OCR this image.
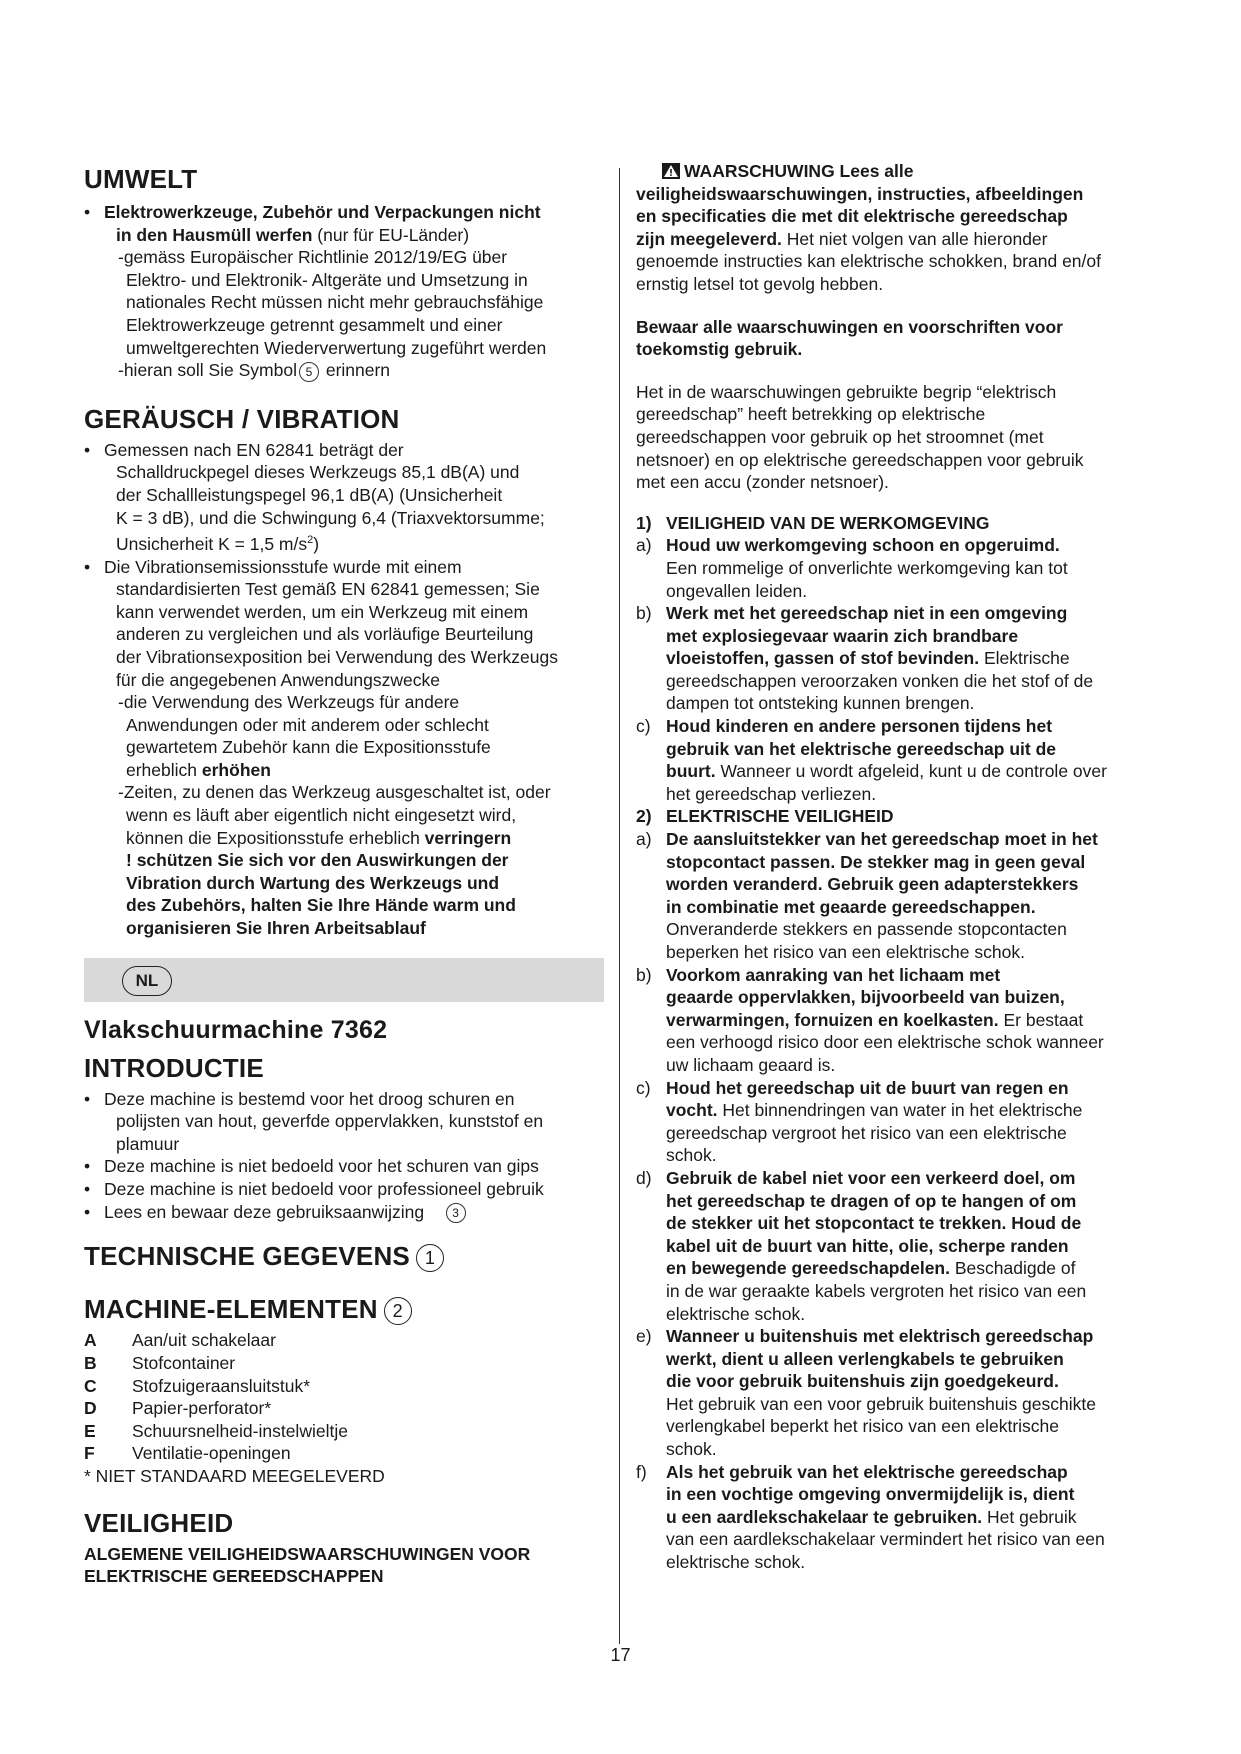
UMWELT
• Elektrowerkzeuge, Zubehör und Verpackungen nicht
in den Hausmüll werfen (nur für EU-Länder)
-gemäss Europäischer Richtlinie 2012/19/EG über
Elektro- und Elektronik- Altgeräte und Umsetzung in
nationales Recht müssen nicht mehr gebrauchsfähige
Elektrowerkzeuge getrennt gesammelt und einer
umweltgerechten Wiederverwertung zugeführt werden
-hieran soll Sie Symbol 5 erinnern
GERÄUSCH / VIBRATION
• Gemessen nach EN 62841 beträgt der
Schalldruckpegel dieses Werkzeugs 85,1 dB(A) und
der Schallleistungspegel 96,1 dB(A) (Unsicherheit
K = 3 dB), und die Schwingung 6,4 (Triaxvektorsumme;
Unsicherheit K = 1,5 $m/s^2$)
• Die Vibrationsemissionsstufe wurde mit einem
standardisierten Test gemäß EN 62841 gemessen; Sie
kann verwendet werden, um ein Werkzeug mit einem
anderen zu vergleichen und als vorläufige Beurteilung
der Vibrationsexposition bei Verwendung des Werkzeugs
für die angegebenen Anwendungszwecke
-die Verwendung des Werkzeugs für andere
Anwendungen oder mit anderem oder schlecht
gewartetem Zubehör kann die Expositionsstufe
erheblich erhöhen
-Zeiten, zu denen das Werkzeug ausgeschaltet ist, oder
wenn es läuft aber eigentlich nicht eingesetzt wird,
können die Expositionsstufe erheblich verringern
! schützen Sie sich vor den Auswirkungen der
Vibration durch Wartung des Werkzeugs und
des Zubehörs, halten Sie Ihre Hände warm und
organisieren Sie Ihren Arbeitsablauf
NL
Vlakschuurmachine 7362
INTRODUCTIE
• Deze machine is bestemd voor het droog schuren en
polijsten van hout, geverfde oppervlakken, kunststof en
plamuur
• Deze machine is niet bedoeld voor het schuren van gips
• Deze machine is niet bedoeld voor professioneel gebruik
• Lees en bewaar deze gebruiksaanwijzing 3
TECHNISCHE GEGEVENS 1
MACHINE-ELEMENTEN 2
A	Aan/uit schakelaar
B	Stofcontainer
C	Stofzuigeraansluitstuk*
D	Papier-perforator*
E	Schuursnelheid-instelwieltje
F	Ventilatie-openingen
* NIET STANDAARD MEEGELEVERD
VEILIGHEID
ALGEMENE VEILIGHEIDSWAARSCHUWINGEN VOOR
ELEKTRISCHE GEREEDSCHAPPEN
WAARSCHUWING Lees alle
veiligheidswaarschuwingen, instructies, afbeeldingen
en specificaties die met dit elektrische gereedschap
zijn meegeleverd. Het niet volgen van alle hieronder
genoemde instructies kan elektrische schokken, brand en/of
ernstig letsel tot gevolg hebben.
Bewaar alle waarschuwingen en voorschriften voor
toekomstig gebruik.
Het in de waarschuwingen gebruikte begrip “elektrisch
gereedschap” heeft betrekking op elektrische
gereedschappen voor gebruik op het stroomnet (met
netsnoer) en op elektrische gereedschappen voor gebruik
met een accu (zonder netsnoer).
1) VEILIGHEID VAN DE WERKOMGEVING
a) Houd uw werkomgeving schoon en opgeruimd.
Een rommelige of onverlichte werkomgeving kan tot
ongevallen leiden.
b) Werk met het gereedschap niet in een omgeving
met explosiegevaar waarin zich brandbare
vloeistoffen, gassen of stof bevinden. Elektrische
gereedschappen veroorzaken vonken die het stof of de
dampen tot ontsteking kunnen brengen.
c) Houd kinderen en andere personen tijdens het
gebruik van het elektrische gereedschap uit de
buurt. Wanneer u wordt afgeleid, kunt u de controle over
het gereedschap verliezen.
2) ELEKTRISCHE VEILIGHEID
a) De aansluitstekker van het gereedschap moet in het
stopcontact passen. De stekker mag in geen geval
worden veranderd. Gebruik geen adapterstekkers
in combinatie met geaarde gereedschappen.
Onveranderde stekkers en passende stopcontacten
beperken het risico van een elektrische schok.
b) Voorkom aanraking van het lichaam met
geaarde oppervlakken, bijvoorbeeld van buizen,
verwarmingen, fornuizen en koelkasten. Er bestaat
een verhoogd risico door een elektrische schok wanneer
uw lichaam geaard is.
c) Houd het gereedschap uit de buurt van regen en
vocht. Het binnendringen van water in het elektrische
gereedschap vergroot het risico van een elektrische
schok.
d) Gebruik de kabel niet voor een verkeerd doel, om
het gereedschap te dragen of op te hangen of om
de stekker uit het stopcontact te trekken. Houd de
kabel uit de buurt van hitte, olie, scherpe randen
en bewegende gereedschapdelen. Beschadigde of
in de war geraakte kabels vergroten het risico van een
elektrische schok.
e) Wanneer u buitenshuis met elektrisch gereedschap
werkt, dient u alleen verlengkabels te gebruiken
die voor gebruik buitenshuis zijn goedgekeurd.
Het gebruik van een voor gebruik buitenshuis geschikte
verlengkabel beperkt het risico van een elektrische
schok.
f) Als het gebruik van het elektrische gereedschap
in een vochtige omgeving onvermijdelijk is, dient
u een aardlekschakelaar te gebruiken. Het gebruik
van een aardlekschakelaar vermindert het risico van een
elektrische schok.
17
